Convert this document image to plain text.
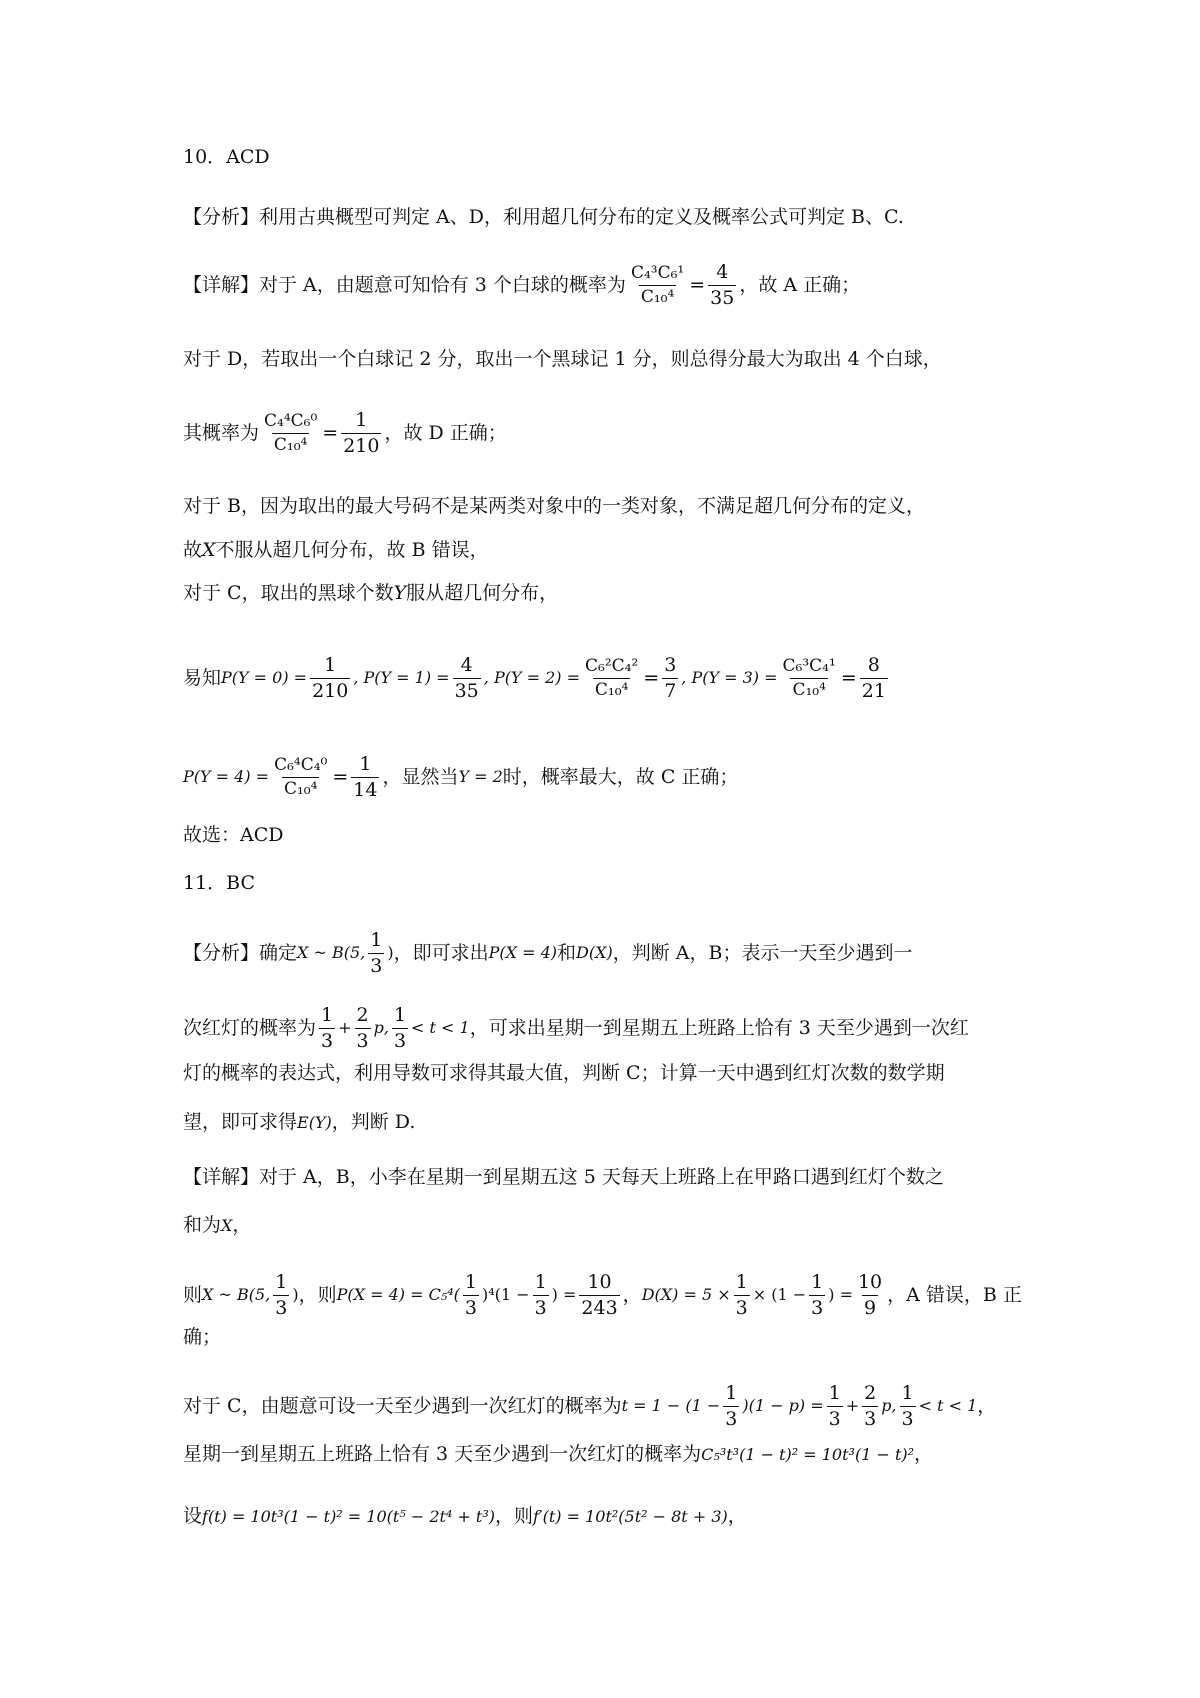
10．ACD
【分析】利用古典概型可判定 A、D，利用超几何分布的定义及概率公式可判定 B、C.
【详解】对于 A，由题意可知恰有 3 个白球的概率为 $\frac{\text{C₄³C₆¹}}{\text{C₁₀⁴}} = \frac{4}{35}$ ，故 A 正确；
对于 D，若取出一个白球记 2 分，取出一个黑球记 1 分，则总得分最大为取出 4 个白球，
其概率为 $\frac{\text{C₄⁴C₆⁰}}{\text{C₁₀⁴}} = \frac{1}{210}$ ，故 D 正确；
对于 B，因为取出的最大号码不是某两类对象中的一类对象，不满足超几何分布的定义，
故 X 不服从超几何分布，故 B 错误，
对于 C，取出的黑球个数 Y 服从超几何分布，
易知 $P(Y = 0) = \frac{1}{210}$ , $P(Y = 1) = \frac{4}{35}$ , $P(Y = 2) = \frac{\text{C₆²C₄²}}{\text{C₁₀⁴}} = \frac{3}{7}$ , $P(Y = 3) = \frac{\text{C₆³C₄¹}}{\text{C₁₀⁴}} = \frac{8}{21}$
$P(Y = 4) = \frac{\text{C₆⁴C₄⁰}}{\text{C₁₀⁴}} = \frac{1}{14}$ ，显然当 Y = 2 时，概率最大，故 C 正确；
故选：ACD
11．BC
【分析】确定 X ~ B(5, $\frac{1}{3}$ ) ，即可求出 P(X = 4) 和 D(X) ，判断 A，B；表示一天至少遇到一
次红灯的概率为 $\frac{1}{3} + \frac{2}{3} p$, $\frac{1}{3} < t < 1$ ，可求出星期一到星期五上班路上恰有 3 天至少遇到一次红
灯的概率的表达式，利用导数可求得其最大值，判断 C；计算一天中遇到红灯次数的数学期
望，即可求得 E(Y) ，判断 D.
【详解】对于 A，B，小李在星期一到星期五这 5 天每天上班路上在甲路口遇到红灯个数之
和为 X ，
则 X ~ B(5, $\frac{1}{3}$ ) ，则 $P(X = 4) = C_5^4( \frac{1}{3} )^4(1 - \frac{1}{3}$ ) = $\frac{10}{243}$ ， $D(X) = 5 \times \frac{1}{3} \times (1 - \frac{1}{3}$ ) = $\frac{10}{9}$ ，A 错误，B 正
确；
对于 C，由题意可设一天至少遇到一次红灯的概率为 $t = 1 - (1 - \frac{1}{3} )(1 - p) = \frac{1}{3} + \frac{2}{3} p$, $\frac{1}{3} < t < 1$ ，
星期一到星期五上班路上恰有 3 天至少遇到一次红灯的概率为 C₅³t³(1 − t)² = 10t³(1 − t)² ，
设 f(t) = 10t³(1 − t)² = 10(t⁵ − 2t⁴ + t³) ，则 f′(t) = 10t²(5t² − 8t + 3) ，
